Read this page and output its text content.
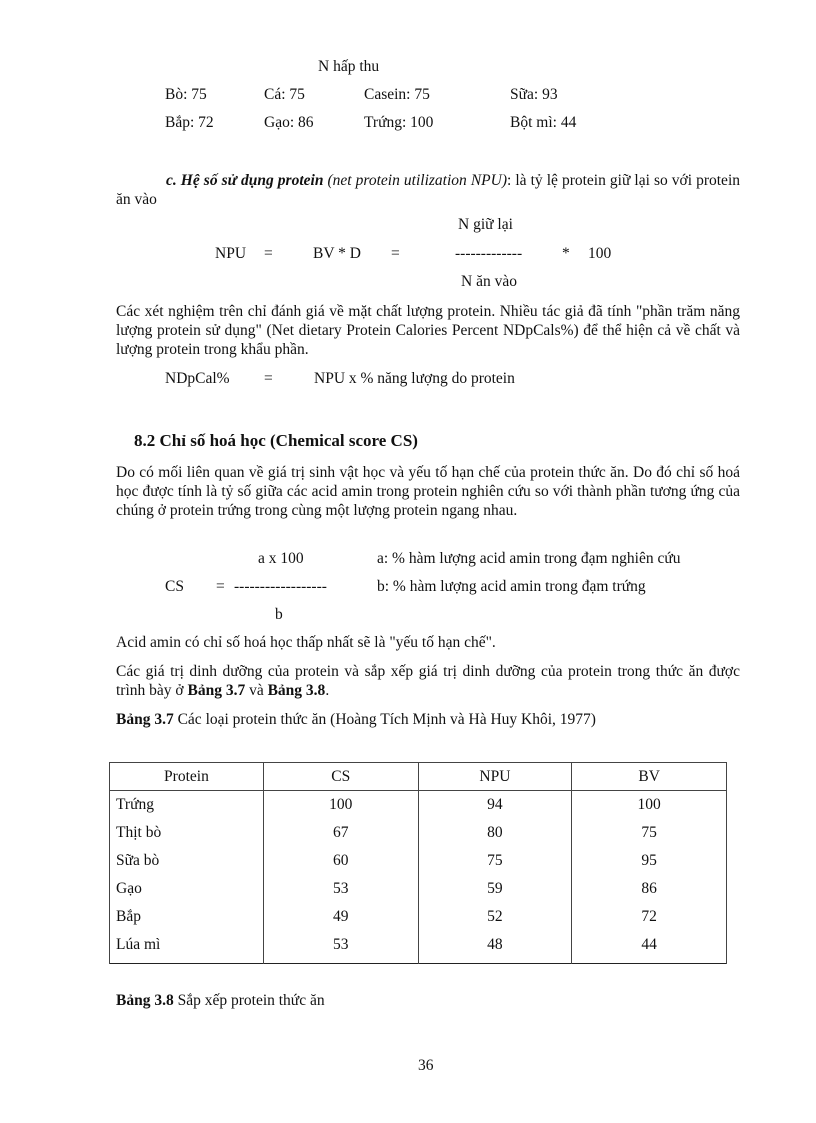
N hấp thu
Bò: 75	Cá: 75	Casein: 75	Sữa: 93
Bắp: 72	Gạo: 86	Trứng: 100	Bột mì: 44
c. Hệ số sử dụng protein (net protein utilization NPU): là tỷ lệ protein giữ lại so với protein ăn vào
N giữ lại
NPU =	BV * D =	-------------	* 100
N ăn vào
Các xét nghiệm trên chỉ đánh giá về mặt chất lượng protein. Nhiều tác giả đã tính "phần trăm năng lượng protein sử dụng" (Net dietary Protein Calories Percent NDpCals%) để thể hiện cả về chất và lượng protein trong khẩu phần.
NDpCal% =	NPU x % năng lượng do protein
8.2 Chỉ số hoá học (Chemical score CS)
Do có mối liên quan về giá trị sinh vật học và yếu tố hạn chế của protein thức ăn. Do đó chỉ số hoá học được tính là tỷ số giữa các acid amin trong protein nghiên cứu so với thành phần tương ứng của chúng ở protein trứng trong cùng một lượng protein ngang nhau.
a x 100	a: % hàm lượng acid amin trong đạm nghiên cứu
CS = ------------------	b: % hàm lượng acid amin trong đạm trứng
b
Acid amin có chỉ số hoá học thấp nhất sẽ là "yếu tố hạn chế".
Các giá trị dinh dưỡng của protein và sắp xếp giá trị dinh dưỡng của protein trong thức ăn được trình bày ở Bảng 3.7 và Bảng 3.8.
Bảng 3.7 Các loại protein thức ăn (Hoàng Tích Mịnh và Hà Huy Khôi, 1977)
Protein	CS	NPU	BV
Trứng	100	94	100
Thịt bò	67	80	75
Sữa bò	60	75	95
Gạo	53	59	86
Bắp	49	52	72
Lúa mì	53	48	44
Bảng 3.8 Sắp xếp protein thức ăn
36
